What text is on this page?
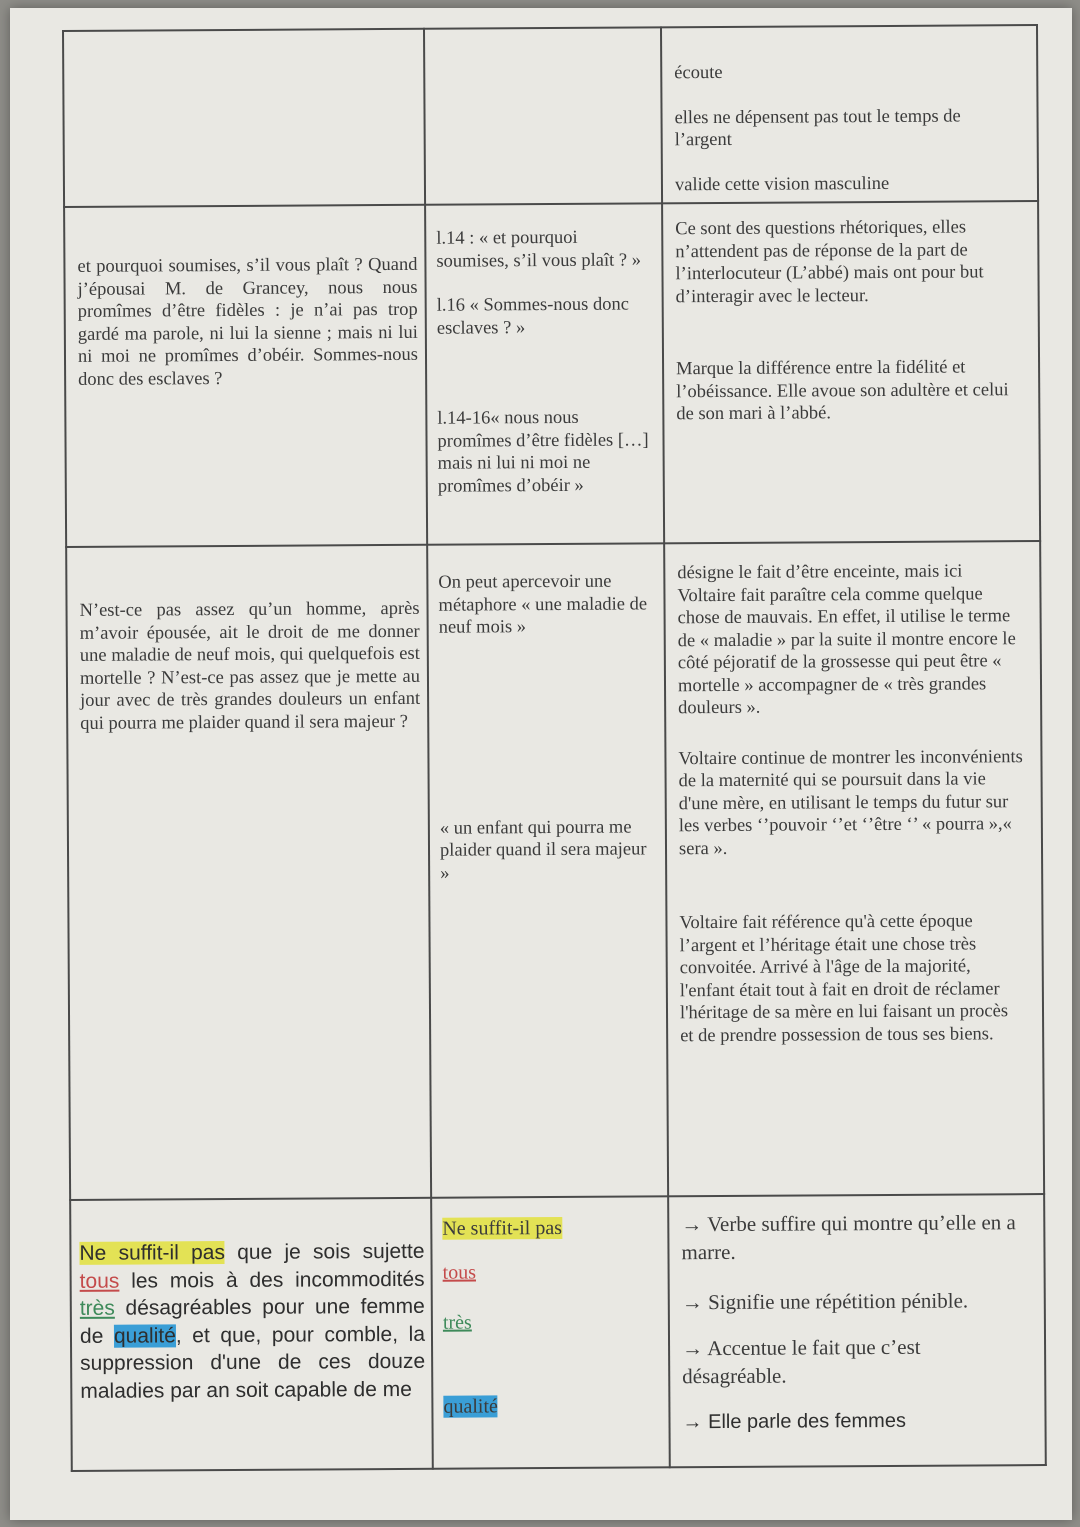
écoute

elles ne dépensent pas tout le temps de l’argent

valide cette vision masculine

et pourquoi soumises, s’il vous plaît ? Quand j’épousai M. de Grancey, nous nous promîmes d’être fidèles : je n’ai pas trop gardé ma parole, ni lui la sienne ; mais ni lui ni moi ne promîmes d’obéir. Sommes-nous donc des esclaves ?

l.14 : « et pourquoi soumises, s’il vous plaît ? »

l.16 « Sommes-nous donc esclaves ? »

l.14-16« nous nous promîmes d’être fidèles […] mais ni lui ni moi ne promîmes d’obéir »

Ce sont des questions rhétoriques, elles n’attendent pas de réponse de la part de l’interlocuteur (L’abbé) mais ont pour but d’interagir avec le lecteur.

Marque la différence entre la fidélité et l’obéissance. Elle avoue son adultère et celui de son mari à l’abbé.

N’est-ce pas assez qu’un homme, après m’avoir épousée, ait le droit de me donner une maladie de neuf mois, qui quelquefois est mortelle ? N’est-ce pas assez que je mette au jour avec de très grandes douleurs un enfant qui pourra me plaider quand il sera majeur ?

On peut apercevoir une métaphore « une maladie de neuf mois »

« un enfant qui pourra me plaider quand il sera majeur »

désigne le fait d’être enceinte, mais ici Voltaire fait paraître cela comme quelque chose de mauvais. En effet, il utilise le terme de « maladie » par la suite il montre encore le côté péjoratif de la grossesse qui peut être « mortelle » accompagner de « très grandes douleurs ».

Voltaire continue de montrer les inconvénients de la maternité qui se poursuit dans la vie d'une mère, en utilisant le temps du futur sur les verbes ‘’pouvoir ‘’et ‘’être ‘’ « pourra »,« sera ».

Voltaire fait référence qu'à cette époque l’argent et l’héritage était une chose très convoitée. Arrivé à l'âge de la majorité, l'enfant était tout à fait en droit de réclamer l'héritage de sa mère en lui faisant un procès et de prendre possession de tous ses biens.

Ne suffit-il pas que je sois sujette tous les mois à des incommodités très désagréables pour une femme de qualité, et que, pour comble, la suppression d'une de ces douze maladies par an soit capable de me

Ne suffit-il pas

tous

très

qualité

→ Verbe suffire qui montre qu’elle en a marre.

→ Signifie une répétition pénible.

→ Accentue le fait que c’est désagréable.

→ Elle parle des femmes
